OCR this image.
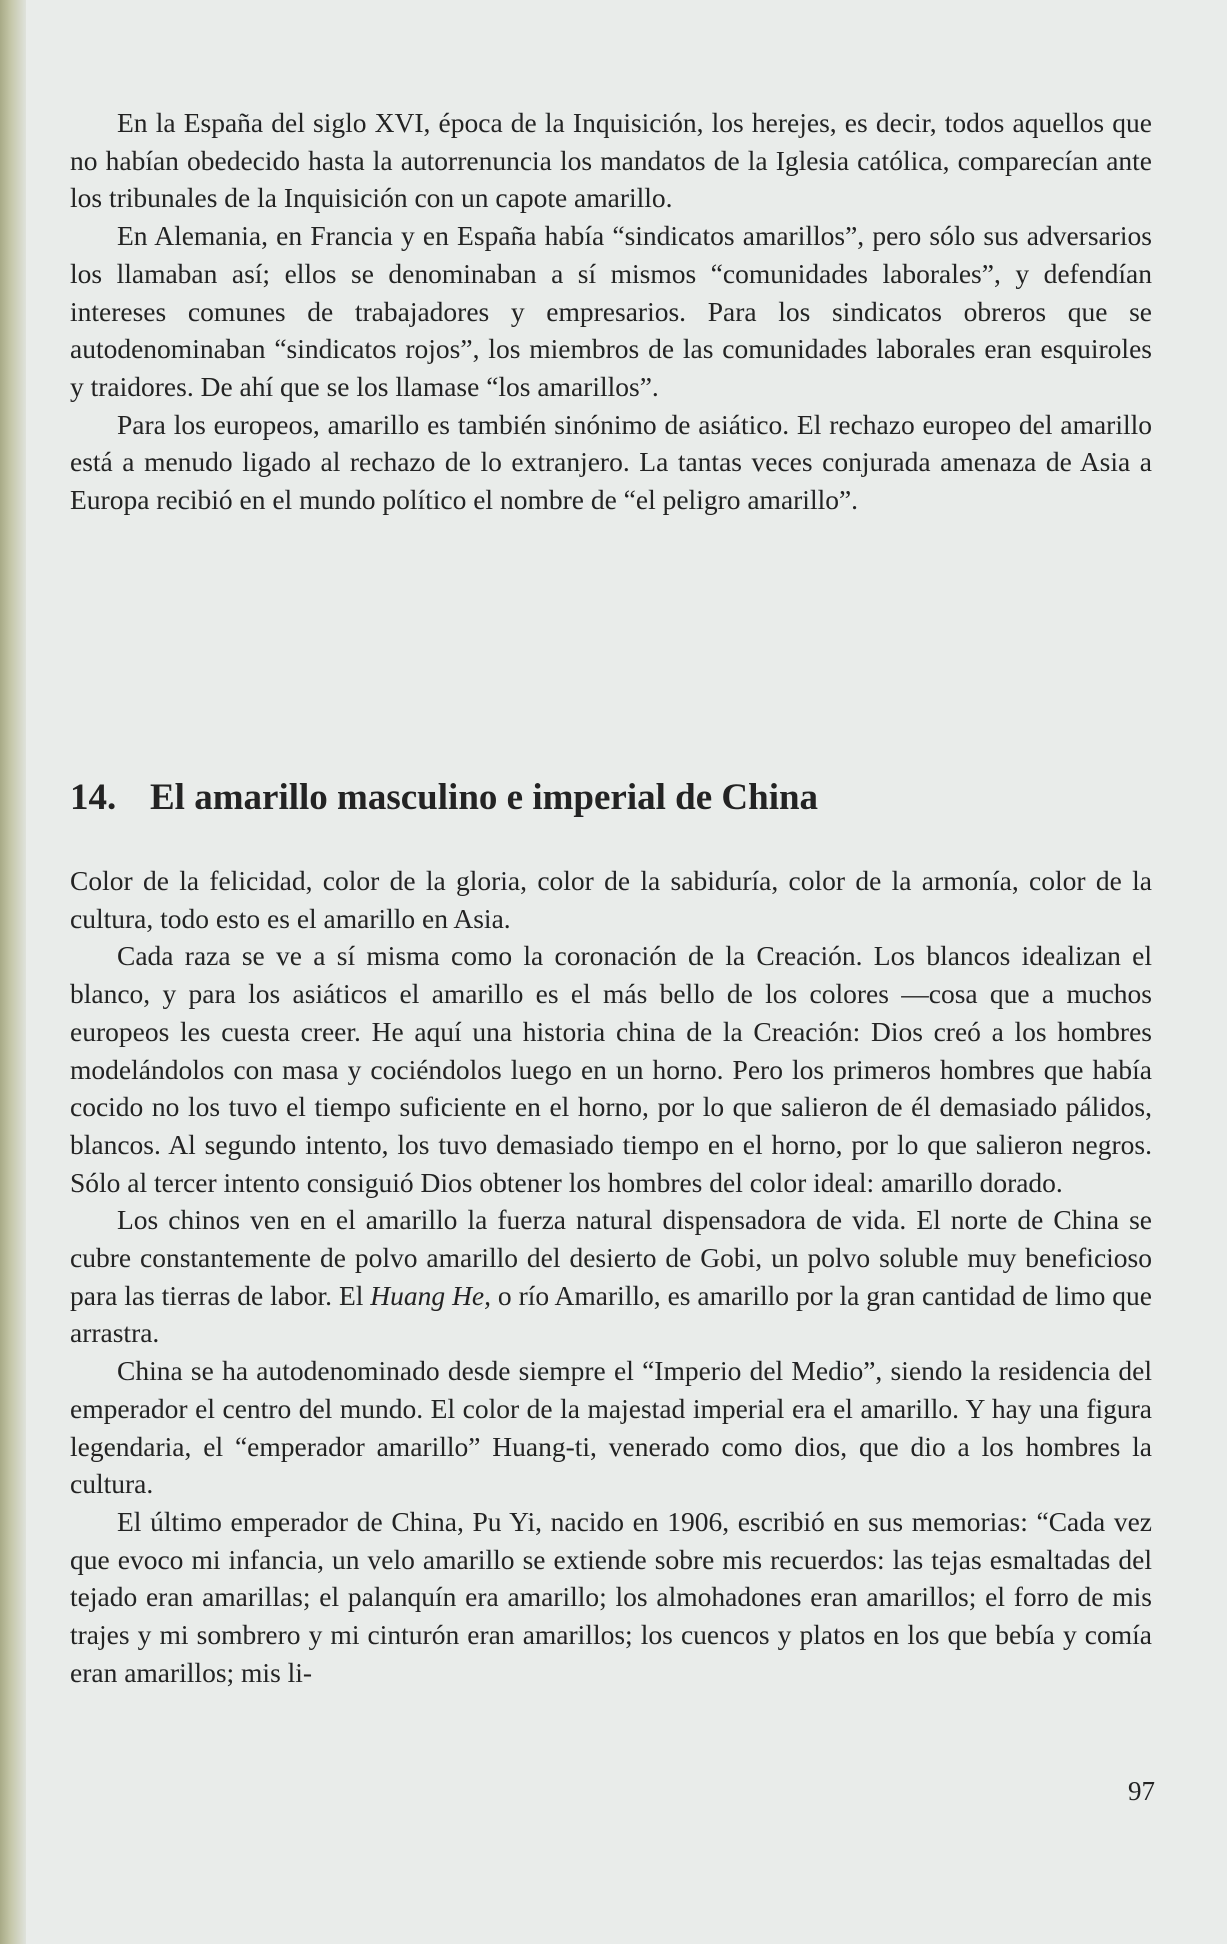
En la España del siglo XVI, época de la Inquisición, los herejes, es decir, todos aquellos que no habían obedecido hasta la autorrenuncia los mandatos de la Iglesia católica, comparecían ante los tribunales de la Inquisición con un capote amarillo.

En Alemania, en Francia y en España había “sindicatos amarillos”, pero sólo sus adversarios los llamaban así; ellos se denominaban a sí mismos “comunidades laborales”, y defendían intereses comunes de trabajadores y empresarios. Para los sindicatos obreros que se autodenominaban “sindicatos rojos”, los miembros de las comunidades laborales eran esquiroles y traidores. De ahí que se los llamase “los amarillos”.

Para los europeos, amarillo es también sinónimo de asiático. El rechazo europeo del amarillo está a menudo ligado al rechazo de lo extranjero. La tantas veces conjurada amenaza de Asia a Europa recibió en el mundo político el nombre de “el peligro amarillo”.

14. El amarillo masculino e imperial de China

Color de la felicidad, color de la gloria, color de la sabiduría, color de la armonía, color de la cultura, todo esto es el amarillo en Asia.

Cada raza se ve a sí misma como la coronación de la Creación. Los blancos idealizan el blanco, y para los asiáticos el amarillo es el más bello de los colores —cosa que a muchos europeos les cuesta creer. He aquí una historia china de la Creación: Dios creó a los hombres modelándolos con masa y cociéndolos luego en un horno. Pero los primeros hombres que había cocido no los tuvo el tiempo suficiente en el horno, por lo que salieron de él demasiado pálidos, blancos. Al segundo intento, los tuvo demasiado tiempo en el horno, por lo que salieron negros. Sólo al tercer intento consiguió Dios obtener los hombres del color ideal: amarillo dorado.

Los chinos ven en el amarillo la fuerza natural dispensadora de vida. El norte de China se cubre constantemente de polvo amarillo del desierto de Gobi, un polvo soluble muy beneficioso para las tierras de labor. El Huang He, o río Amarillo, es amarillo por la gran cantidad de limo que arrastra.

China se ha autodenominado desde siempre el “Imperio del Medio”, siendo la residencia del emperador el centro del mundo. El color de la majestad imperial era el amarillo. Y hay una figura legendaria, el “emperador amarillo” Huang-ti, venerado como dios, que dio a los hombres la cultura.

El último emperador de China, Pu Yi, nacido en 1906, escribió en sus memorias: “Cada vez que evoco mi infancia, un velo amarillo se extiende sobre mis recuerdos: las tejas esmaltadas del tejado eran amarillas; el palanquín era amarillo; los almohadones eran amarillos; el forro de mis trajes y mi sombrero y mi cinturón eran amarillos; los cuencos y platos en los que bebía y comía eran amarillos; mis li-

97
